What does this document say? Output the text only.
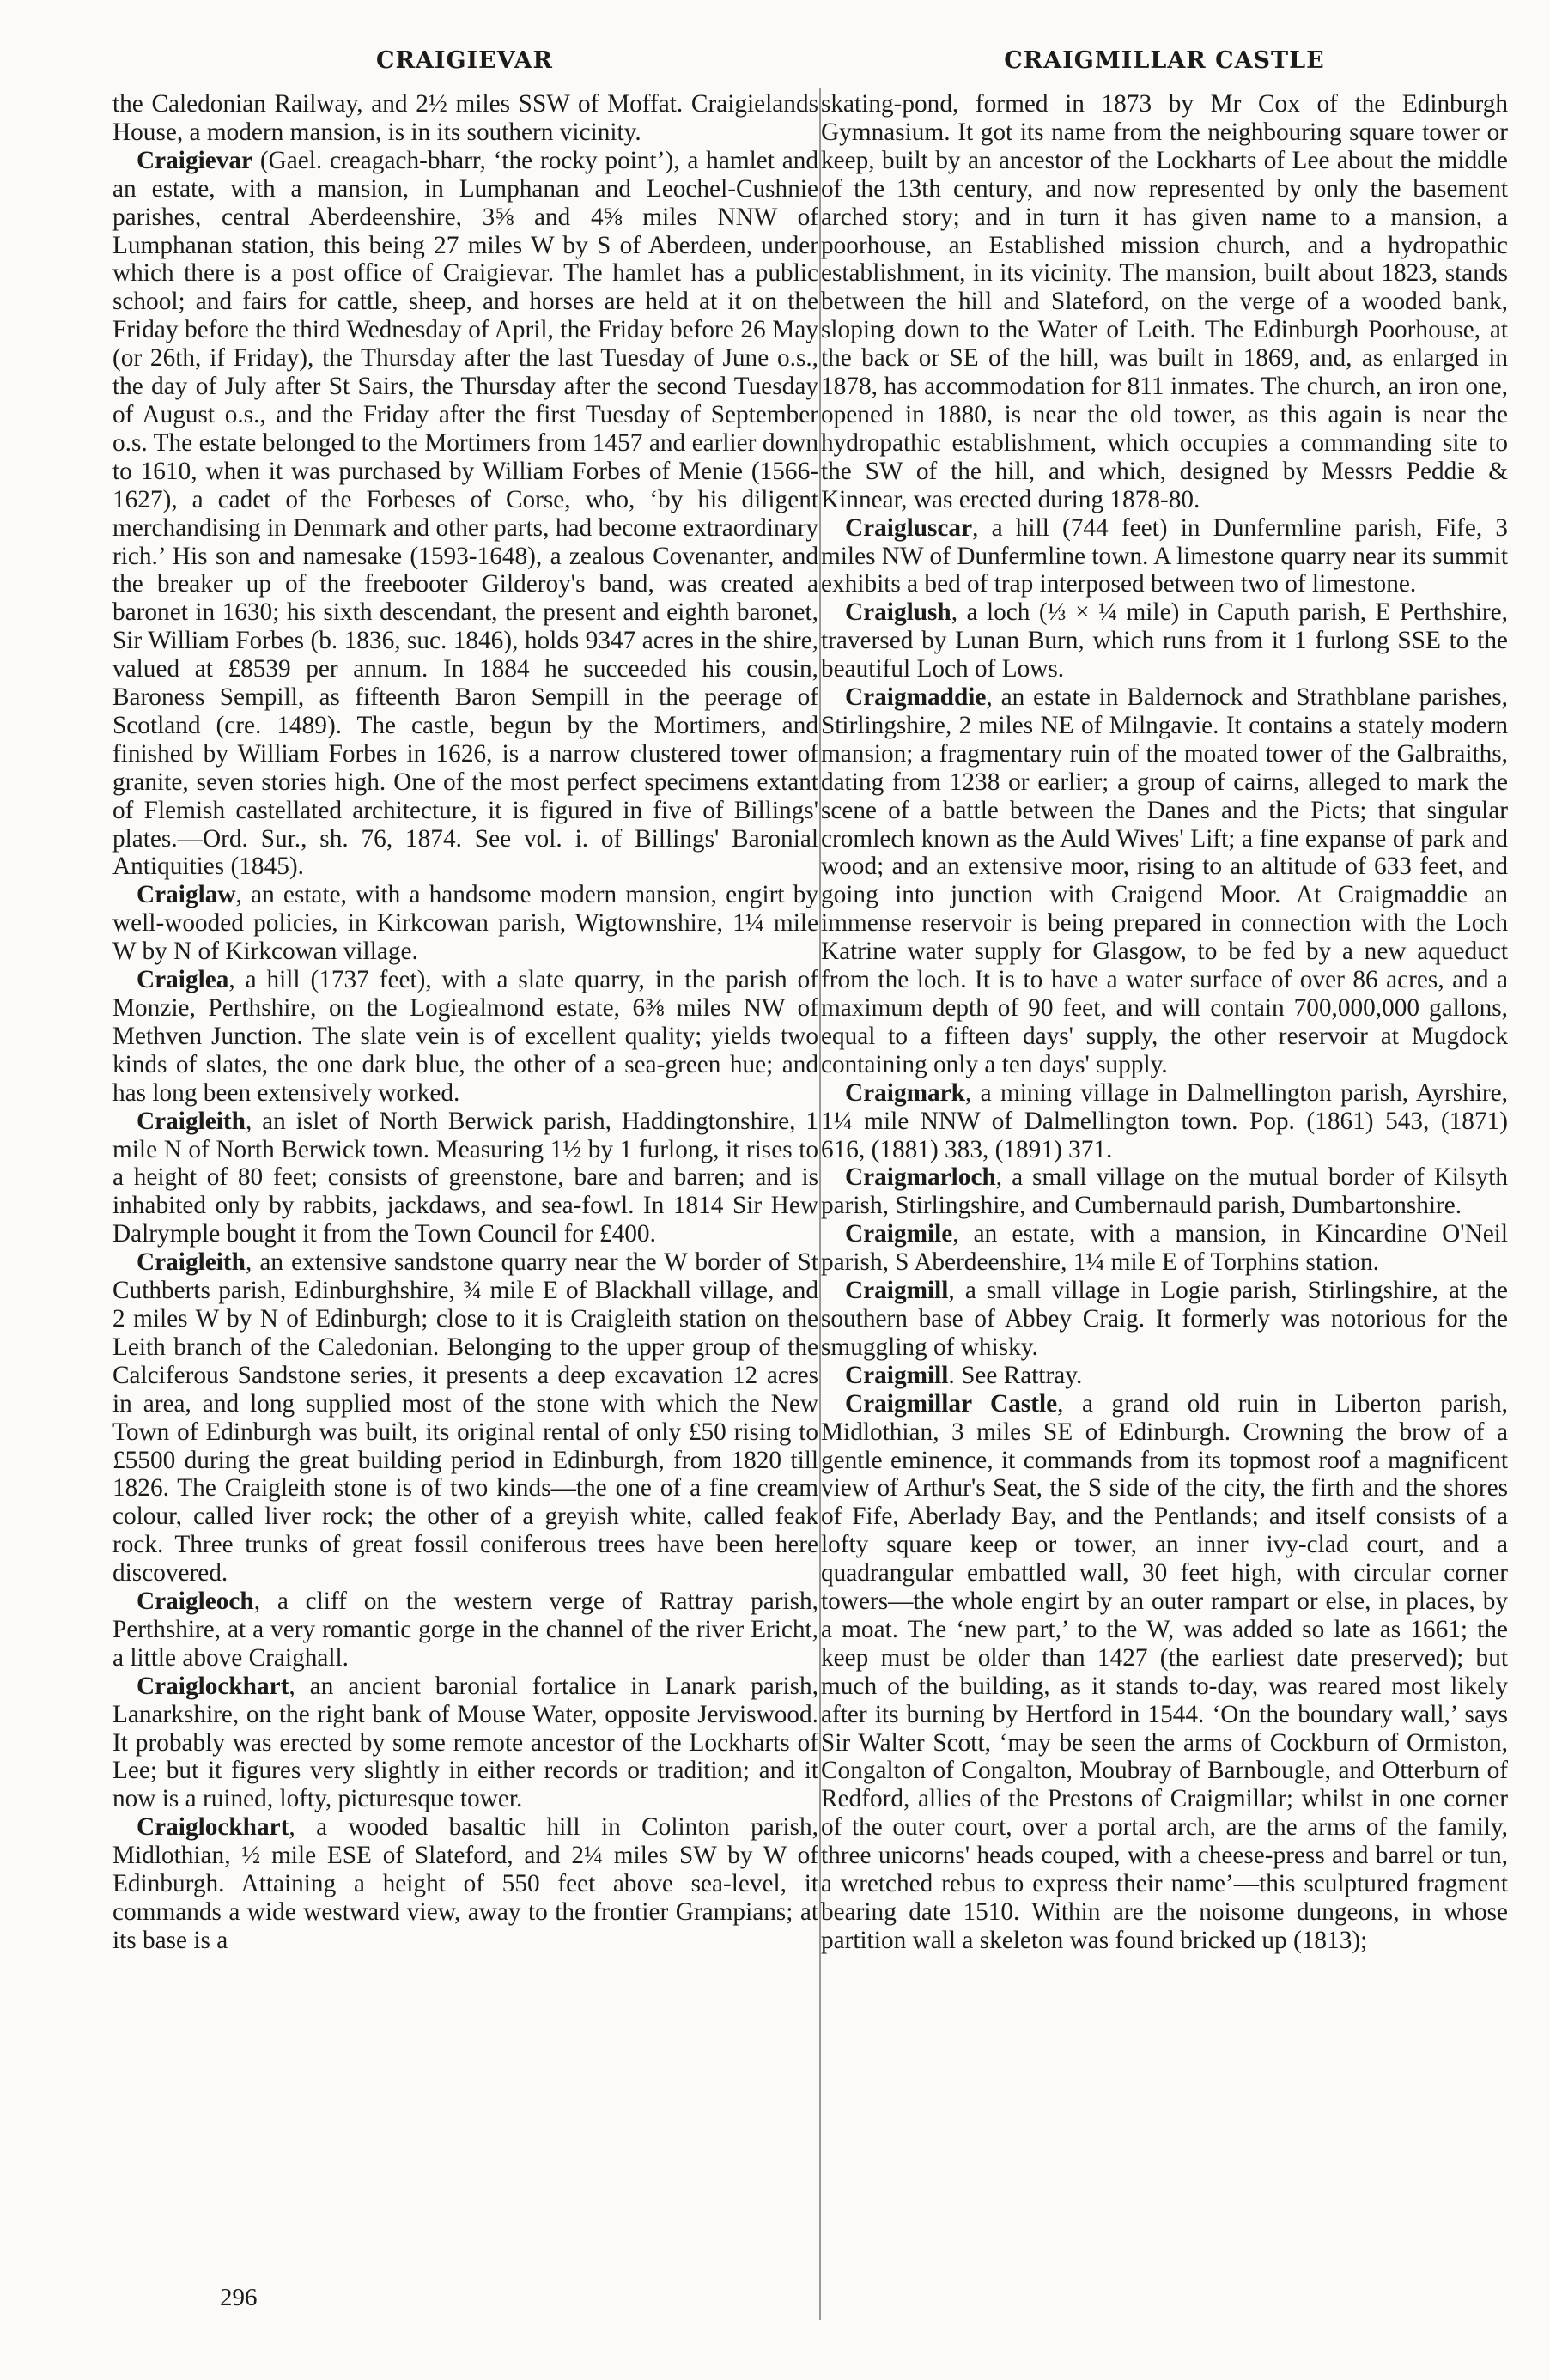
CRAIGIEVAR	CRAIGMILLAR CASTLE

the Caledonian Railway, and 2½ miles SSW of Moffat. Craigielands House, a modern mansion, is in its southern vicinity.

Craigievar (Gael. creagach-bharr, ‘the rocky point’), a hamlet and an estate, with a mansion, in Lumphanan and Leochel-Cushnie parishes, central Aberdeenshire, 3⅝ and 4⅝ miles NNW of Lumphanan station, this being 27 miles W by S of Aberdeen, under which there is a post office of Craigievar. The hamlet has a public school; and fairs for cattle, sheep, and horses are held at it on the Friday before the third Wednesday of April, the Friday before 26 May (or 26th, if Friday), the Thursday after the last Tuesday of June o.s., the day of July after St Sairs, the Thursday after the second Tuesday of August o.s., and the Friday after the first Tuesday of September o.s. The estate belonged to the Mortimers from 1457 and earlier down to 1610, when it was purchased by William Forbes of Menie (1566-1627), a cadet of the Forbeses of Corse, who, ‘by his diligent merchandising in Denmark and other parts, had become extraordinary rich.’ His son and namesake (1593-1648), a zealous Covenanter, and the breaker up of the freebooter Gilderoy's band, was created a baronet in 1630; his sixth descendant, the present and eighth baronet, Sir William Forbes (b. 1836, suc. 1846), holds 9347 acres in the shire, valued at £8539 per annum. In 1884 he succeeded his cousin, Baroness Sempill, as fifteenth Baron Sempill in the peerage of Scotland (cre. 1489). The castle, begun by the Mortimers, and finished by William Forbes in 1626, is a narrow clustered tower of granite, seven stories high. One of the most perfect specimens extant of Flemish castellated architecture, it is figured in five of Billings' plates.—Ord. Sur., sh. 76, 1874. See vol. i. of Billings' Baronial Antiquities (1845).

Craiglaw, an estate, with a handsome modern mansion, engirt by well-wooded policies, in Kirkcowan parish, Wigtownshire, 1¼ mile W by N of Kirkcowan village.

Craiglea, a hill (1737 feet), with a slate quarry, in the parish of Monzie, Perthshire, on the Logiealmond estate, 6⅜ miles NW of Methven Junction. The slate vein is of excellent quality; yields two kinds of slates, the one dark blue, the other of a sea-green hue; and has long been extensively worked.

Craigleith, an islet of North Berwick parish, Haddingtonshire, 1 mile N of North Berwick town. Measuring 1½ by 1 furlong, it rises to a height of 80 feet; consists of greenstone, bare and barren; and is inhabited only by rabbits, jackdaws, and sea-fowl. In 1814 Sir Hew Dalrymple bought it from the Town Council for £400.

Craigleith, an extensive sandstone quarry near the W border of St Cuthberts parish, Edinburghshire, ¾ mile E of Blackhall village, and 2 miles W by N of Edinburgh; close to it is Craigleith station on the Leith branch of the Caledonian. Belonging to the upper group of the Calciferous Sandstone series, it presents a deep excavation 12 acres in area, and long supplied most of the stone with which the New Town of Edinburgh was built, its original rental of only £50 rising to £5500 during the great building period in Edinburgh, from 1820 till 1826. The Craigleith stone is of two kinds—the one of a fine cream colour, called liver rock; the other of a greyish white, called feak rock. Three trunks of great fossil coniferous trees have been here discovered.

Craigleoch, a cliff on the western verge of Rattray parish, Perthshire, at a very romantic gorge in the channel of the river Ericht, a little above Craighall.

Craiglockhart, an ancient baronial fortalice in Lanark parish, Lanarkshire, on the right bank of Mouse Water, opposite Jerviswood. It probably was erected by some remote ancestor of the Lockharts of Lee; but it figures very slightly in either records or tradition; and it now is a ruined, lofty, picturesque tower.

Craiglockhart, a wooded basaltic hill in Colinton parish, Midlothian, ½ mile ESE of Slateford, and 2¼ miles SW by W of Edinburgh. Attaining a height of 550 feet above sea-level, it commands a wide westward view, away to the frontier Grampians; at its base is a

skating-pond, formed in 1873 by Mr Cox of the Edinburgh Gymnasium. It got its name from the neighbouring square tower or keep, built by an ancestor of the Lockharts of Lee about the middle of the 13th century, and now represented by only the basement arched story; and in turn it has given name to a mansion, a poorhouse, an Established mission church, and a hydropathic establishment, in its vicinity. The mansion, built about 1823, stands between the hill and Slateford, on the verge of a wooded bank, sloping down to the Water of Leith. The Edinburgh Poorhouse, at the back or SE of the hill, was built in 1869, and, as enlarged in 1878, has accommodation for 811 inmates. The church, an iron one, opened in 1880, is near the old tower, as this again is near the hydropathic establishment, which occupies a commanding site to the SW of the hill, and which, designed by Messrs Peddie & Kinnear, was erected during 1878-80.

Craigluscar, a hill (744 feet) in Dunfermline parish, Fife, 3 miles NW of Dunfermline town. A limestone quarry near its summit exhibits a bed of trap interposed between two of limestone.

Craiglush, a loch (⅓ × ¼ mile) in Caputh parish, E Perthshire, traversed by Lunan Burn, which runs from it 1 furlong SSE to the beautiful Loch of Lows.

Craigmaddie, an estate in Baldernock and Strathblane parishes, Stirlingshire, 2 miles NE of Milngavie. It contains a stately modern mansion; a fragmentary ruin of the moated tower of the Galbraiths, dating from 1238 or earlier; a group of cairns, alleged to mark the scene of a battle between the Danes and the Picts; that singular cromlech known as the Auld Wives' Lift; a fine expanse of park and wood; and an extensive moor, rising to an altitude of 633 feet, and going into junction with Craigend Moor. At Craigmaddie an immense reservoir is being prepared in connection with the Loch Katrine water supply for Glasgow, to be fed by a new aqueduct from the loch. It is to have a water surface of over 86 acres, and a maximum depth of 90 feet, and will contain 700,000,000 gallons, equal to a fifteen days' supply, the other reservoir at Mugdock containing only a ten days' supply.

Craigmark, a mining village in Dalmellington parish, Ayrshire, 1¼ mile NNW of Dalmellington town. Pop. (1861) 543, (1871) 616, (1881) 383, (1891) 371.

Craigmarloch, a small village on the mutual border of Kilsyth parish, Stirlingshire, and Cumbernauld parish, Dumbartonshire.

Craigmile, an estate, with a mansion, in Kincardine O'Neil parish, S Aberdeenshire, 1¼ mile E of Torphins station.

Craigmill, a small village in Logie parish, Stirlingshire, at the southern base of Abbey Craig. It formerly was notorious for the smuggling of whisky.

Craigmill. See Rattray.

Craigmillar Castle, a grand old ruin in Liberton parish, Midlothian, 3 miles SE of Edinburgh. Crowning the brow of a gentle eminence, it commands from its topmost roof a magnificent view of Arthur's Seat, the S side of the city, the firth and the shores of Fife, Aberlady Bay, and the Pentlands; and itself consists of a lofty square keep or tower, an inner ivy-clad court, and a quadrangular embattled wall, 30 feet high, with circular corner towers—the whole engirt by an outer rampart or else, in places, by a moat. The ‘new part,’ to the W, was added so late as 1661; the keep must be older than 1427 (the earliest date preserved); but much of the building, as it stands to-day, was reared most likely after its burning by Hertford in 1544. ‘On the boundary wall,’ says Sir Walter Scott, ‘may be seen the arms of Cockburn of Ormiston, Congalton of Congalton, Moubray of Barnbougle, and Otterburn of Redford, allies of the Prestons of Craigmillar; whilst in one corner of the outer court, over a portal arch, are the arms of the family, three unicorns' heads couped, with a cheese-press and barrel or tun, a wretched rebus to express their name’—this sculptured fragment bearing date 1510. Within are the noisome dungeons, in whose partition wall a skeleton was found bricked up (1813);

296
